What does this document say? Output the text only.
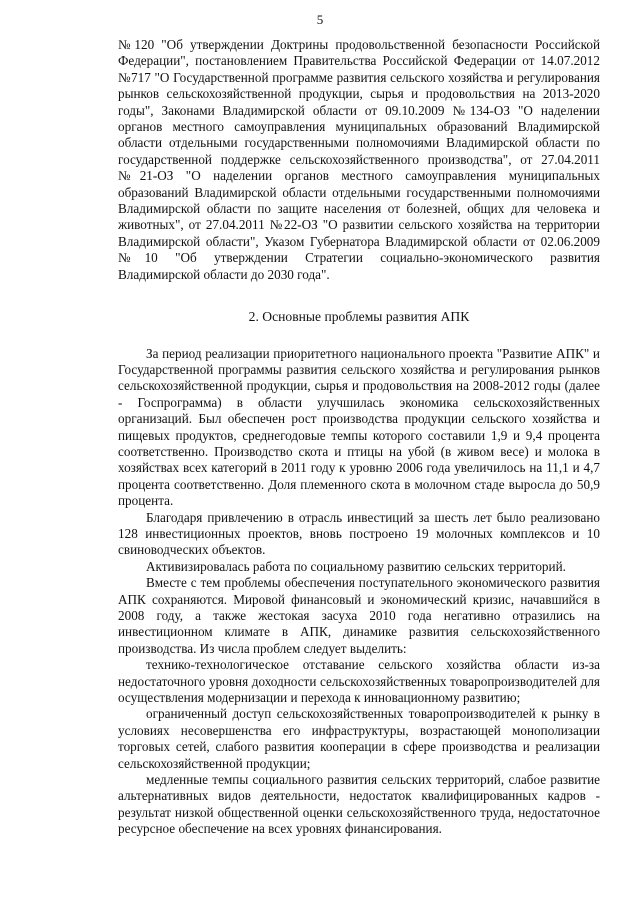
5

№120 "Об утверждении Доктрины продовольственной безопасности Российской Федерации", постановлением Правительства Российской Федерации от 14.07.2012 №717 "О Государственной программе развития сельского хозяйства и регулирования рынков сельскохозяйственной продукции, сырья и продовольствия на 2013-2020 годы", Законами Владимирской области от 09.10.2009 №134-ОЗ "О наделении органов местного самоуправления муниципальных образований Владимирской области отдельными государственными полномочиями Владимирской области по государственной поддержке сельскохозяйственного производства", от 27.04.2011 №21-ОЗ "О наделении органов местного самоуправления муниципальных образований Владимирской области отдельными государственными полномочиями Владимирской области по защите населения от болезней, общих для человека и животных", от 27.04.2011 №22-ОЗ "О развитии сельского хозяйства на территории Владимирской области", Указом Губернатора Владимирской области от 02.06.2009 №10 "Об утверждении Стратегии социально-экономического развития Владимирской области до 2030 года".

2. Основные проблемы развития АПК

За период реализации приоритетного национального проекта "Развитие АПК" и Государственной программы развития сельского хозяйства и регулирования рынков сельскохозяйственной продукции, сырья и продовольствия на 2008-2012 годы (далее - Госпрограмма) в области улучшилась экономика сельскохозяйственных организаций. Был обеспечен рост производства продукции сельского хозяйства и пищевых продуктов, среднегодовые темпы которого составили 1,9 и 9,4 процента соответственно. Производство скота и птицы на убой (в живом весе) и молока в хозяйствах всех категорий в 2011 году к уровню 2006 года увеличилось на 11,1 и 4,7 процента соответственно. Доля племенного скота в молочном стаде выросла до 50,9 процента.

Благодаря привлечению в отрасль инвестиций за шесть лет было реализовано 128 инвестиционных проектов, вновь построено 19 молочных комплексов и 10 свиноводческих объектов.

Активизировалась работа по социальному развитию сельских территорий.

Вместе с тем проблемы обеспечения поступательного экономического развития АПК сохраняются. Мировой финансовый и экономический кризис, начавшийся в 2008 году, а также жестокая засуха 2010 года негативно отразились на инвестиционном климате в АПК, динамике развития сельскохозяйственного производства. Из числа проблем следует выделить:

технико-технологическое отставание сельского хозяйства области из-за недостаточного уровня доходности сельскохозяйственных товаропроизводителей для осуществления модернизации и перехода к инновационному развитию;

ограниченный доступ сельскохозяйственных товаропроизводителей к рынку в условиях несовершенства его инфраструктуры, возрастающей монополизации торговых сетей, слабого развития кооперации в сфере производства и реализации сельскохозяйственной продукции;

медленные темпы социального развития сельских территорий, слабое развитие альтернативных видов деятельности, недостаток квалифицированных кадров - результат низкой общественной оценки сельскохозяйственного труда, недостаточное ресурсное обеспечение на всех уровнях финансирования.
